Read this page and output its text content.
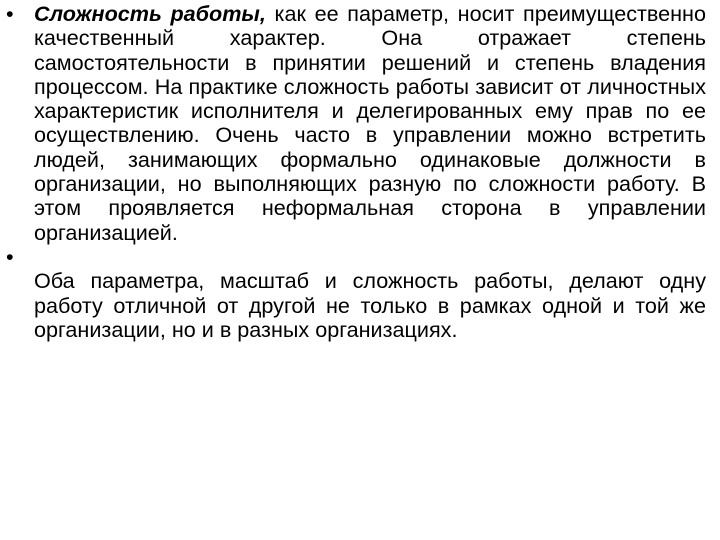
• Сложность работы, как ее параметр, носит преимущественно качественный характер. Она отражает степень самостоятельности в принятии решений и степень владения процессом. На практике сложность работы зависит от личностных характеристик исполнителя и делегированных ему прав по ее осуществлению. Очень часто в управлении можно встретить людей, занимающих формально одинаковые должности в организации, но выполняющих разную по сложности работу. В этом проявляется неформальная сторона в управлении организацией.
•
Оба параметра, масштаб и сложность работы, делают одну работу отличной от другой не только в рамках одной и той же организации, но и в разных организациях.
